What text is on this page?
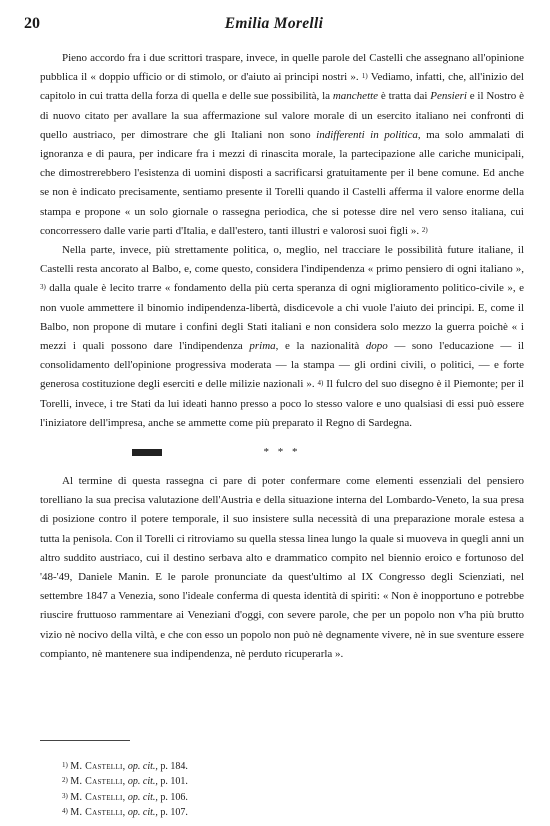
20	Emilia Morelli

Pieno accordo fra i due scrittori traspare, invece, in quelle parole del Castelli che assegnano all'opinione pubblica il « doppio ufficio or di stimolo, or d'aiuto ai principi nostri ». $^{1)}$ Vediamo, infatti, che, all'inizio del capitolo in cui tratta della forza di quella e delle sue possibilità, la manchette è tratta dai Pensieri e il Nostro è di nuovo citato per avallare la sua affermazione sul valore morale di un esercito italiano nei confronti di quello austriaco, per dimostrare che gli Italiani non sono indifferenti in politica, ma solo ammalati di ignoranza e di paura, per indicare fra i mezzi di rinascita morale, la partecipazione alle cariche municipali, che dimostrerebbero l'esistenza di uomini disposti a sacrificarsi gratuitamente per il bene comune. Ed anche se non è indicato precisamente, sentiamo presente il Torelli quando il Castelli afferma il valore enorme della stampa e propone « un solo giornale o rassegna periodica, che si potesse dire nel vero senso italiana, cui concorressero dalle varie parti d'Italia, e dall'estero, tanti illustri e valorosi suoi figli ». $^{2)}$

Nella parte, invece, più strettamente politica, o, meglio, nel tracciare le possibilità future italiane, il Castelli resta ancorato al Balbo, e, come questo, considera l'indipendenza « primo pensiero di ogni italiano », $^{3)}$ dalla quale è lecito trarre « fondamento della più certa speranza di ogni miglioramento politico-civile », e non vuole ammettere il binomio indipendenza-libertà, disdicevole a chi vuole l'aiuto dei principi. E, come il Balbo, non propone di mutare i confini degli Stati italiani e non considera solo mezzo la guerra poichè « i mezzi i quali possono dare l'indipendenza prima, e la nazionalità dopo — sono l'educazione — il consolidamento dell'opinione progressiva moderata — la stampa — gli ordini civili, o politici, — e forte generosa costituzione degli eserciti e delle milizie nazionali ». $^{4)}$ Il fulcro del suo disegno è il Piemonte; per il Torelli, invece, i tre Stati da lui ideati hanno presso a poco lo stesso valore e uno qualsiasi di essi può essere l'iniziatore dell'impresa, anche se ammette come più preparato il Regno di Sardegna.

* * *

Al termine di questa rassegna ci pare di poter confermare come elementi essenziali del pensiero torelliano la sua precisa valutazione dell'Austria e della situazione interna del Lombardo-Veneto, la sua presa di posizione contro il potere temporale, il suo insistere sulla necessità di una preparazione morale estesa a tutta la penisola. Con il Torelli ci ritroviamo su quella stessa linea lungo la quale si muoveva in quegli anni un altro suddito austriaco, cui il destino serbava alto e drammatico compito nel biennio eroico e fortunoso del '48-'49, Daniele Manin. E le parole pronunciate da quest'ultimo al IX Congresso degli Scienziati, nel settembre 1847 a Venezia, sono l'ideale conferma di questa identità di spiriti: « Non è inopportuno e potrebbe riuscire fruttuoso rammentare ai Veneziani d'oggi, con severe parole, che per un popolo non v'ha più brutto vizio nè nocivo della viltà, e che con esso un popolo non può nè degnamente vivere, nè in sue sventure essere compianto, nè mantenere sua indipendenza, nè perduto ricuperarla ».

$^{1)}$ M. Castelli, op. cit., p. 184.
$^{2)}$ M. Castelli, op. cit., p. 101.
$^{3)}$ M. Castelli, op. cit., p. 106.
$^{4)}$ M. Castelli, op. cit., p. 107.
